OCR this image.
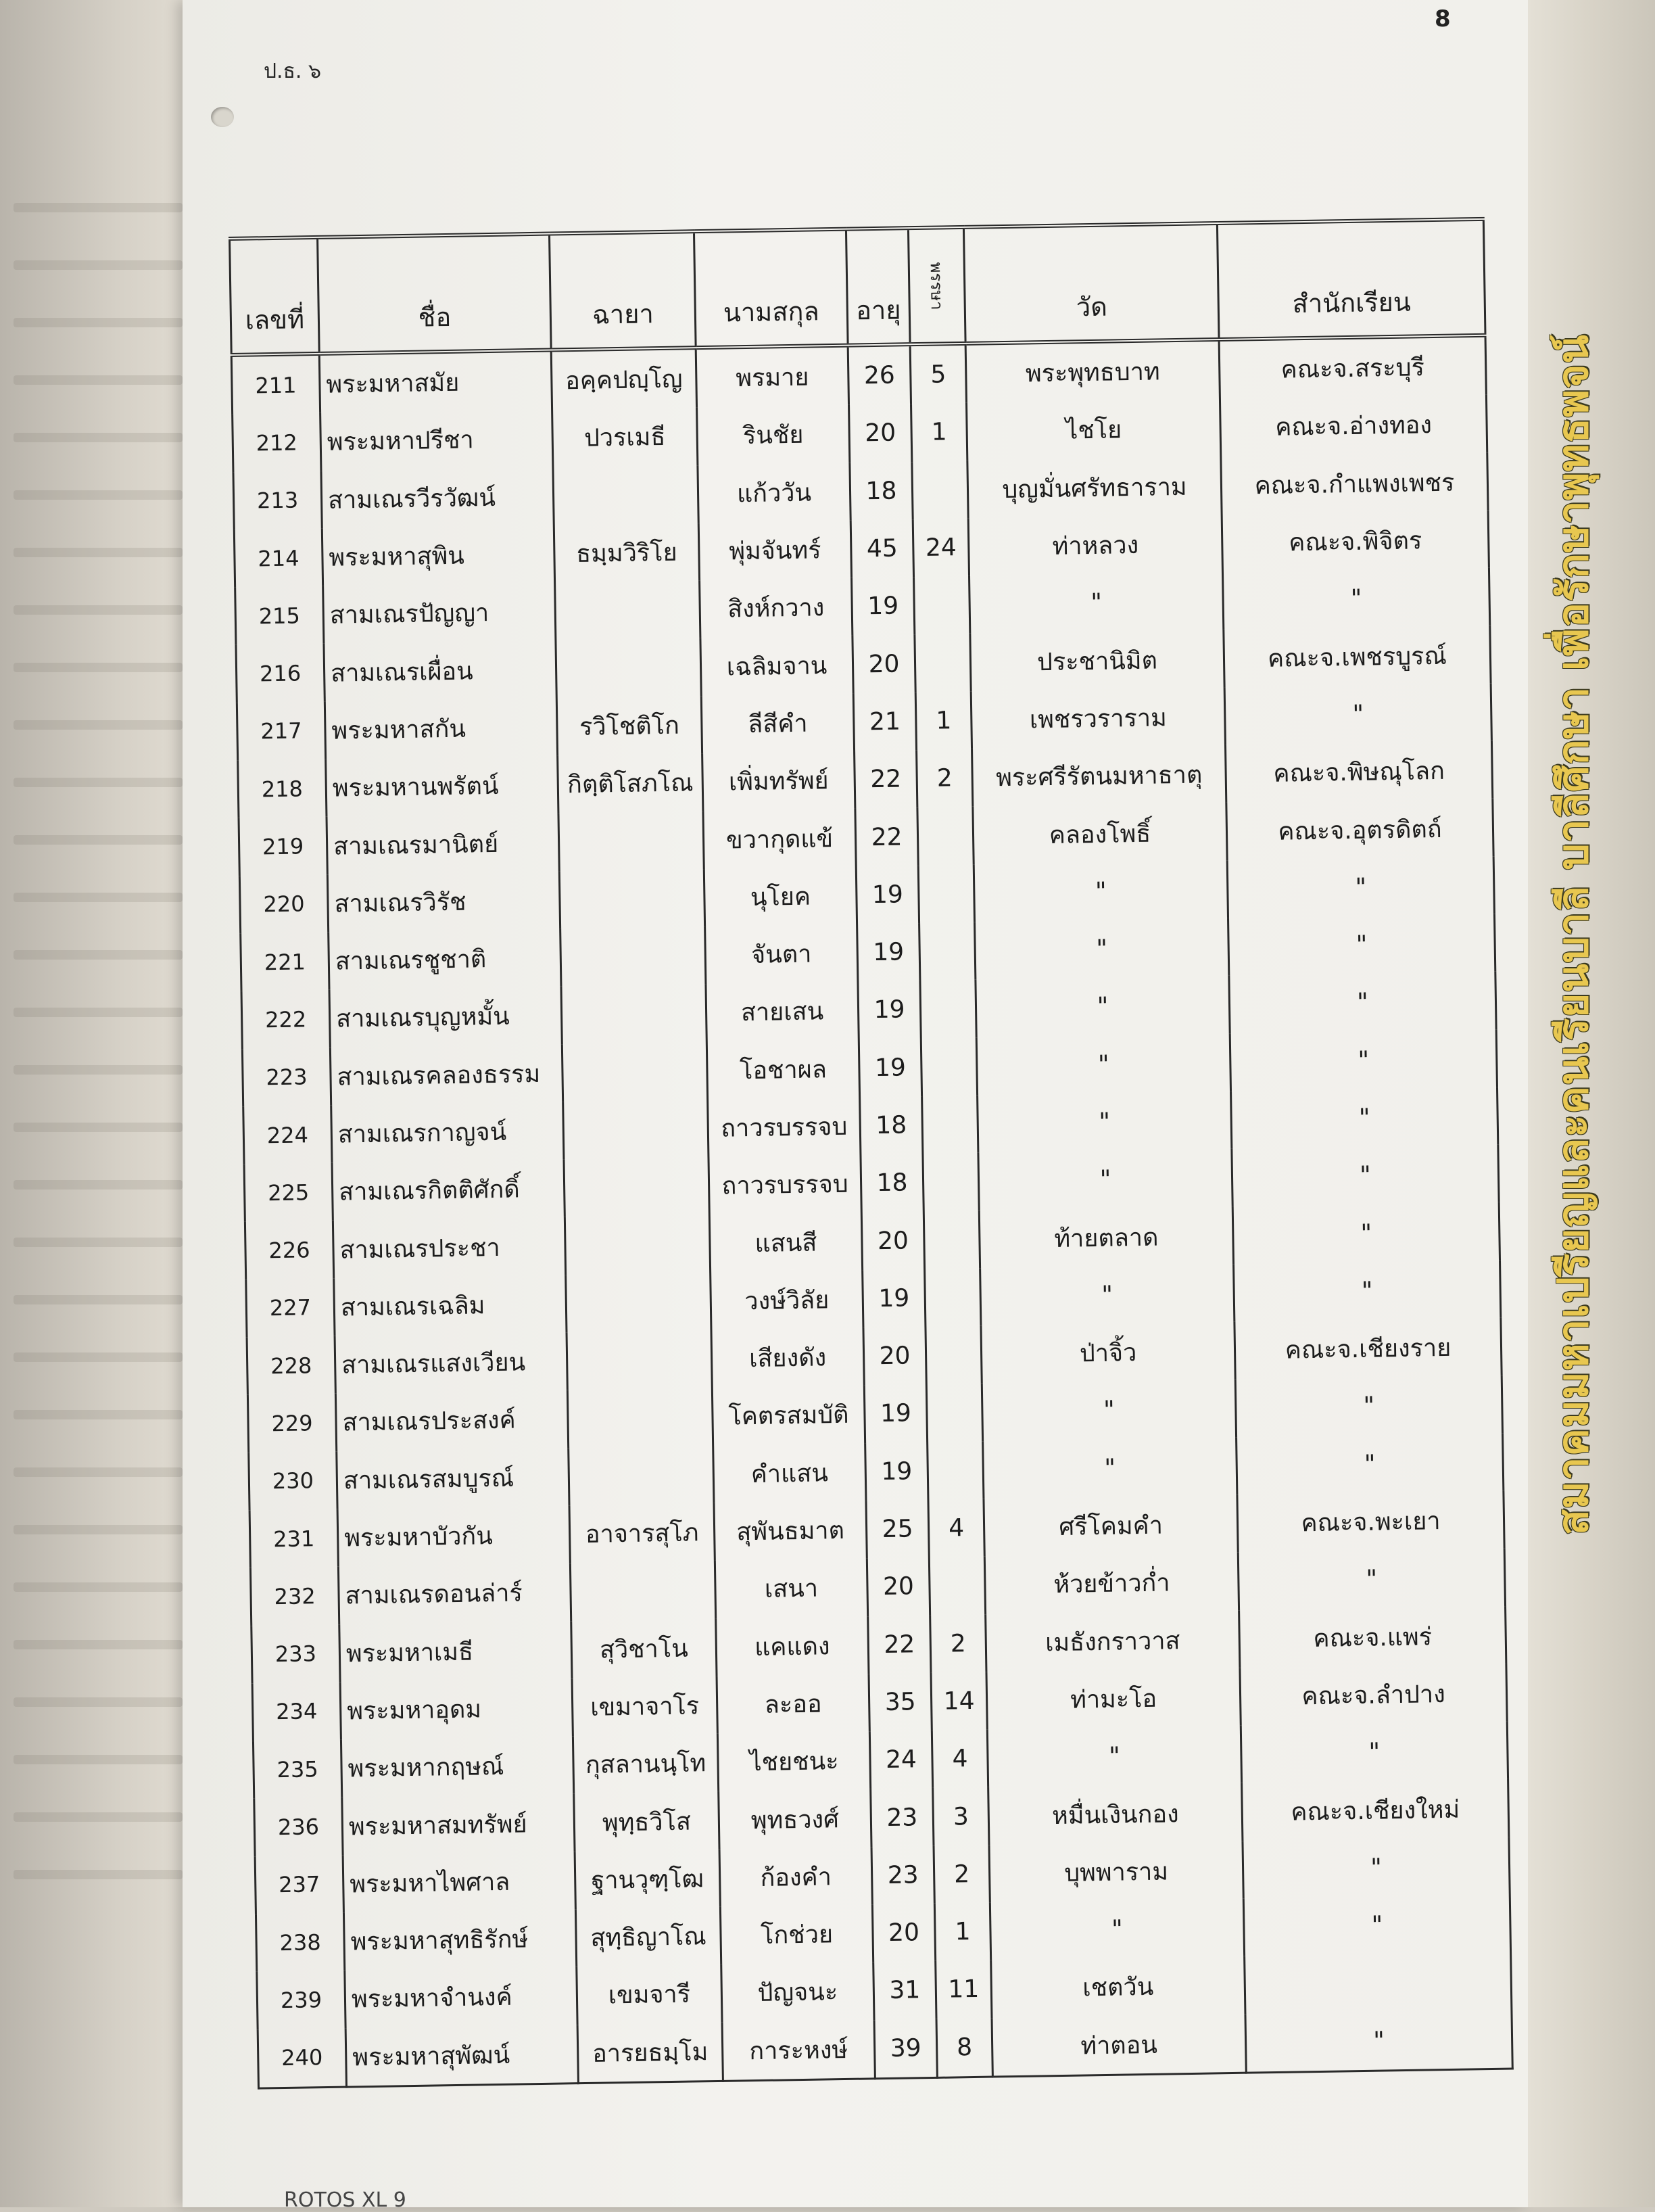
8
ป.ธ. ๖
เลขที่	ชื่อ	ฉายา	นามสกุล	อายุ	พรรษา	วัด	สำนักเรียน
211	พระมหาสมัย	อคฺคปญฺโญ	พรมาย	26	5	พระพุทธบาท	คณะจ.สระบุรี
212	พระมหาปรีชา	ปวรเมธี	รินชัย	20	1	ไชโย	คณะจ.อ่างทอง
213	สามเณรวีรวัฒน์		แก้ววัน	18		บุญมั่นศรัทธาราม	คณะจ.กำแพงเพชร
214	พระมหาสุพิน	ธมฺมวิริโย	พุ่มจันทร์	45	24	ท่าหลวง	คณะจ.พิจิตร
215	สามเณรปัญญา		สิงห์กวาง	19		"	"
216	สามเณรเผื่อน		เฉลิมจาน	20		ประชานิมิต	คณะจ.เพชรบูรณ์
217	พระมหาสกัน	รวิโชติโก	ลีสีคำ	21	1	เพชรวราราม	"
218	พระมหานพรัตน์	กิตฺติโสภโณ	เพิ่มทรัพย์	22	2	พระศรีรัตนมหาธาตุ	คณะจ.พิษณุโลก
219	สามเณรมานิตย์		ขวากุดแข้	22		คลองโพธิ์	คณะจ.อุตรดิตถ์
220	สามเณรวิรัช		นุโยค	19		"	"
221	สามเณรชูชาติ		จันตา	19		"	"
222	สามเณรบุญหมั้น		สายเสน	19		"	"
223	สามเณรคลองธรรม		โอชาผล	19		"	"
224	สามเณรกาญจน์		ถาวรบรรจบ	18		"	"
225	สามเณรกิตติศักดิ์		ถาวรบรรจบ	18		"	"
226	สามเณรประชา		แสนสี	20		ท้ายตลาด	"
227	สามเณรเฉลิม		วงษ์วิลัย	19		"	"
228	สามเณรแสงเวียน		เสียงดัง	20		ป่าจิ้ว	คณะจ.เชียงราย
229	สามเณรประสงค์		โคตรสมบัติ	19		"	"
230	สามเณรสมบูรณ์		คำแสน	19		"	"
231	พระมหาบัวกัน	อาจารสุโภ	สุพันธมาต	25	4	ศรีโคมคำ	คณะจ.พะเยา
232	สามเณรดอนล่าร์		เสนา	20		ห้วยข้าวก่ำ	"
233	พระมหาเมธี	สุวิชาโน	แคแดง	22	2	เมธังกราวาส	คณะจ.แพร่
234	พระมหาอุดม	เขมาจาโร	ละออ	35	14	ท่ามะโอ	คณะจ.ลำปาง
235	พระมหากฤษณ์	กุสลานนฺโท	ไชยชนะ	24	4	"	"
236	พระมหาสมทรัพย์	พุทฺธวิโส	พุทธวงศ์	23	3	หมื่นเงินกอง	คณะจ.เชียงใหม่
237	พระมหาไพศาล	ฐานวุฑฺโฒ	ก้องคำ	23	2	บุพพาราม	"
238	พระมหาสุทธิรักษ์	สุทฺธิญาโณ	โกช่วย	20	1	"	"
239	พระมหาจำนงค์	เขมจารี	ปัญจนะ	31	11	เชตวัน	
240	พระมหาสุพัฒน์	อารยธมฺโม	การะหงษ์	39	8	ท่าตอน	"
สมาคมมหาเปรียญและคนเรียนบาลี บาลีศึกษา เพื่อรักษาพุทธพจน์
ROTOS XL 9
